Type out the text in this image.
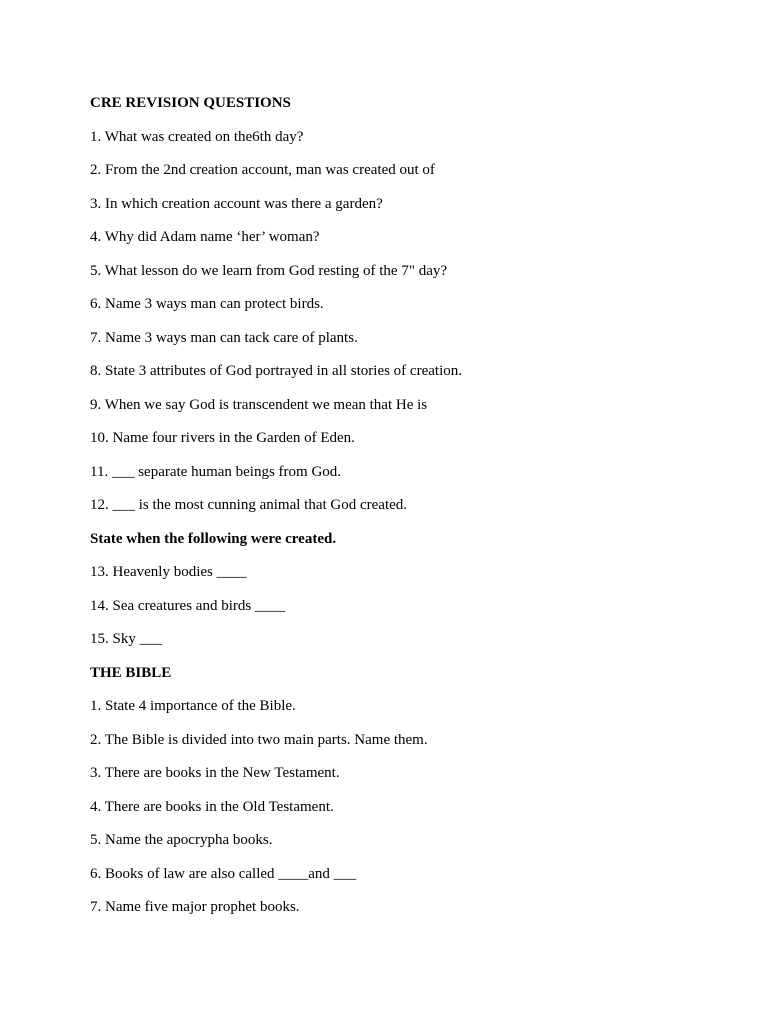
CRE REVISION QUESTIONS
1. What was created on the6th day?
2. From the 2nd creation account, man was created out of
3. In which creation account was there a garden?
4. Why did Adam name ‘her’ woman?
5. What lesson do we learn from God resting of the 7" day?
6. Name 3 ways man can protect birds.
7. Name 3 ways man can tack care of plants.
8. State 3 attributes of God portrayed in all stories of creation.
9. When we say God is transcendent we mean that He is
10. Name four rivers in the Garden of Eden.
11. ___ separate human beings from God.
12. ___ is the most cunning animal that God created.
State when the following were created.
13. Heavenly bodies ____
14. Sea creatures and birds ____
15. Sky ___
THE BIBLE
1. State 4 importance of the Bible.
2. The Bible is divided into two main parts. Name them.
3. There are books in the New Testament.
4. There are books in the Old Testament.
5. Name the apocrypha books.
6. Books of law are also called ____and ___
7. Name five major prophet books.
